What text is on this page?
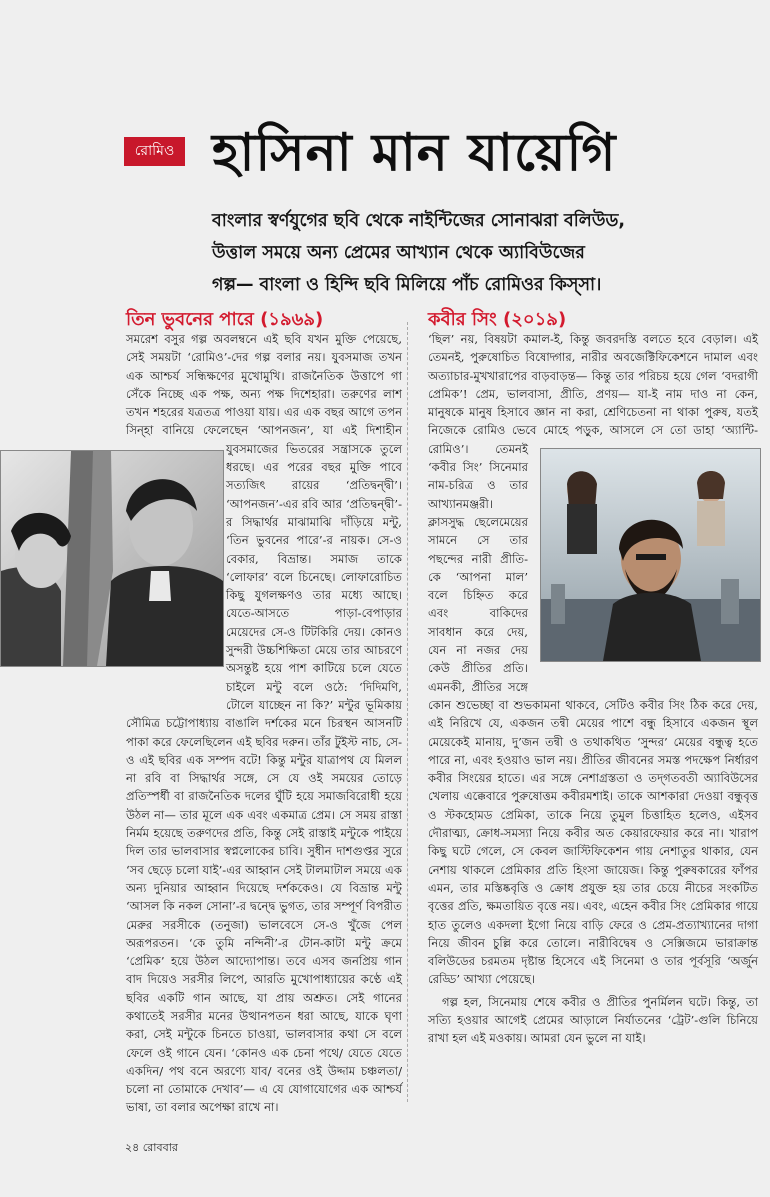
রোমিও হাসিনা মান যায়েগি
বাংলার স্বর্ণযুগের ছবি থেকে নাইন্টিজের সোনাঝরা বলিউড,
উত্তাল সময়ে অন্য প্রেমের আখ্যান থেকে অ্যাবিউজের
গল্প— বাংলা ও হিন্দি ছবি মিলিয়ে পাঁচ রোমিওর কিস্‌সা।
তিন ভুবনের পারে (১৯৬৯)	কবীর সিং (২০১৯)

সমরেশ বসুর গল্প অবলম্বনে এই ছবি যখন মুক্তি পেয়েছে, সেই সময়টা ‘রোমিও’-দের গল্প বলার নয়। যুবসমাজ তখন এক আশ্চর্য সন্ধিক্ষণের মুখোমুখি। রাজনৈতিক উত্তাপে গা সেঁকে নিচ্ছে এক পক্ষ, অন্য পক্ষ দিশেহারা। তরুণের লাশ তখন শহরের যত্রতত্র পাওয়া যায়। এর এক বছর আগে তপন সিন্‌হা বানিয়ে ফেলেছেন ‘আপনজন’, যা এই দিশাহীন যুবসমাজের ভিতরের সন্ত্রাসকে তুলে ধরছে। এর পরের বছর মুক্তি পাবে সত্যজিৎ রায়ের ‘প্রতিদ্বন্দ্বী’। ‘আপনজন’-এর রবি আর ‘প্রতিদ্বন্দ্বী’-র সিদ্ধার্থর মাঝামাঝি দাঁড়িয়ে মন্টু, ‘তিন ভুবনের পারে’-র নায়ক। সে-ও বেকার, বিভ্রান্ত। সমাজ তাকে ‘লোফার’ বলে চিনেছে। লোফারোচিত কিছু যুগলক্ষণও তার মধ্যে আছে। যেতে-আসতে পাড়া-বেপাড়ার মেয়েদের সে-ও টিটকিরি দেয়। কোনও সুন্দরী উচ্চশিক্ষিতা মেয়ে তার আচরণে অসন্তুষ্ট হয়ে পাশ কাটিয়ে চলে যেতে চাইলে মন্টু বলে ওঠে: ‘দিদিমণি, টোলে যাচ্ছেন না কি?’ মন্টুর ভূমিকায় সৌমিত্র চট্টোপাধ্যায় বাঙালি দর্শকের মনে চিরস্থন আসনটি পাকা করে ফেলেছিলেন এই ছবির দরুন। তাঁর টুইস্ট নাচ, সে-ও এই ছবির এক সম্পদ বটে! কিন্তু মন্টুর যাত্রাপথ যে মিলল না রবি বা সিদ্ধার্থর সঙ্গে, সে যে ওই সময়ের তোড়ে প্রতিস্পর্ধী বা রাজনৈতিক দলের ঘুঁটি হয়ে সমাজবিরোধী হয়ে উঠল না— তার মূলে এক এবং একমাত্র প্রেম। সে সময় রাস্তা নির্মম হয়েছে তরুণদের প্রতি, কিন্তু সেই রাস্তাই মন্টুকে পাইয়ে দিল তার ভালবাসার স্বপ্নলোকের চাবি। সুধীন দাশগুপ্তর সুরে ‘সব ছেড়ে চলো যাই’-এর আহ্বান সেই টালমাটাল সময়ে এক অন্য দুনিয়ার আহ্বান দিয়েছে দর্শককেও। যে বিভ্রান্ত মন্টু ‘আসল কি নকল সোনা’-র দ্বন্দ্বে ভুগত, তার সম্পূর্ণ বিপরীত মেরুর সরসীকে (তনুজা) ভালবেসে সে-ও খুঁজে পেল অরূপরতন। ‘কে তুমি নন্দিনী’-র টোন-কাটা মন্টু ক্রমে ‘প্রেমিক’ হয়ে উঠল আদ্যোপান্ত। তবে এসব জনপ্রিয় গান বাদ দিয়েও সরসীর লিপে, আরতি মুখোপাধ্যায়ের কণ্ঠে এই ছবির একটি গান আছে, যা প্রায় অশ্রুত। সেই গানের কথাতেই সরসীর মনের উত্থানপতন ধরা আছে, যাকে ঘৃণা করা, সেই মন্টুকে চিনতে চাওয়া, ভালবাসার কথা সে বলে ফেলে ওই গানে যেন। ‘কোনও এক চেনা পথে/ যেতে যেতে একদিন/ পথ বনে অরণ্যে যাব/ বনের ওই উদ্দাম চঞ্চলতা/ চলো না তোমাকে দেখাব’— এ যে যোগাযোগের এক আশ্চর্য ভাষা, তা বলার অপেক্ষা রাখে না।

‘ছিল’ নয়, বিষয়টা কমাল-ই, কিন্তু জবরদস্তি বলতে হবে বেড়াল। এই তেমনই, পুরুষোচিত বিষোদ্গার, নারীর অবজেক্টিফিকেশনে দামাল এবং অত্যাচার-মুখখারাপের বাড়বাড়ন্ত— কিন্তু তার পরিচয় হয়ে গেল ‘বদরাগী প্রেমিক’! প্রেম, ভালবাসা, প্রীতি, প্রণয়— যা-ই নাম দাও না কেন, মানুষকে মানুষ হিসাবে জ্ঞান না করা, শ্রেণিচেতনা না থাকা পুরুষ, যতই নিজেকে রোমিও ভেবে মোহে পড়ুক, আসলে সে তো ডাহা ‘অ্যান্টি-রোমিও’। তেমনই ‘কবীর সিং’ সিনেমার নাম-চরিত্র ও তার আখ্যানমঞ্জরী। ক্লাসসুদ্ধ ছেলেমেয়ের সামনে সে তার পছন্দের নারী প্রীতি-কে ‘আপনা মাল’ বলে চিহ্নিত করে এবং বাকিদের সাবধান করে দেয়, যেন না নজর দেয় কেউ প্রীতির প্রতি। এমনকী, প্রীতির সঙ্গে কোন শুভেচ্ছা বা শুভকামনা থাকবে, সেটিও কবীর সিং ঠিক করে দেয়, এই নিরিখে যে, একজন তন্বী মেয়ের পাশে বন্ধু হিসাবে একজন স্থূল মেয়েকেই মানায়, দু’জন তন্বী ও তথাকথিত ‘সুন্দর’ মেয়ের বন্ধুত্ব হতে পারে না, এবং হওয়াও ভাল নয়। প্রীতির জীবনের সমস্ত পদক্ষেপ নির্ধারণ কবীর সিংয়ের হাতে। এর সঙ্গে নেশাগ্রস্ততা ও তদ্‌গতবতী অ্যাবিউসের খেলায় এক্কেবারে পুরুষোত্তম কবীরমশাই। তাকে আশকারা দেওয়া বন্ধুবৃত্ত ও স্টকহোমড প্রেমিকা, তাকে নিয়ে তুমুল চিত্তাহিত হলেও, এইসব দৌরাত্ম্য, ক্রোধ-সমস্যা নিয়ে কবীর অত কেয়ারফেয়ার করে না। খারাপ কিছু ঘটে গেলে, সে কেবল জাস্টিফিকেশন গায় নেশাতুর থাকার, যেন নেশায় থাকলে প্রেমিকার প্রতি হিংসা জায়েজ। কিন্তু পুরুষকারের ফাঁপর এমন, তার মস্তিষ্কবৃত্তি ও ক্রোধ প্রযুক্ত হয় তার চেয়ে নীচের সংকটিত বৃত্তের প্রতি, ক্ষমতায়িত বৃত্তে নয়। এবং, এহেন কবীর সিং প্রেমিকার গায়ে হাত তুলেও একদলা ইগো নিয়ে বাড়ি ফেরে ও প্রেম-প্রত্যাখ্যানের দাগা নিয়ে জীবন চুল্লি করে তোলে। নারীবিদ্বেষ ও সেক্সিজমে ভারাক্রান্ত বলিউডের চরমতম দৃষ্টান্ত হিসেবে এই সিনেমা ও তার পূর্বসূরি ‘অর্জুন রেড্ডি’ আখ্যা পেয়েছে।

গল্প হল, সিনেমায় শেষে কবীর ও প্রীতির পুনর্মিলন ঘটে। কিন্তু, তা সত্যি হওয়ার আগেই প্রেমের আড়ালে নির্যাতনের ‘ট্রেট’-গুলি চিনিয়ে রাখা হল এই মওকায়। আমরা যেন ভুলে না যাই।

২৪ রোববার
